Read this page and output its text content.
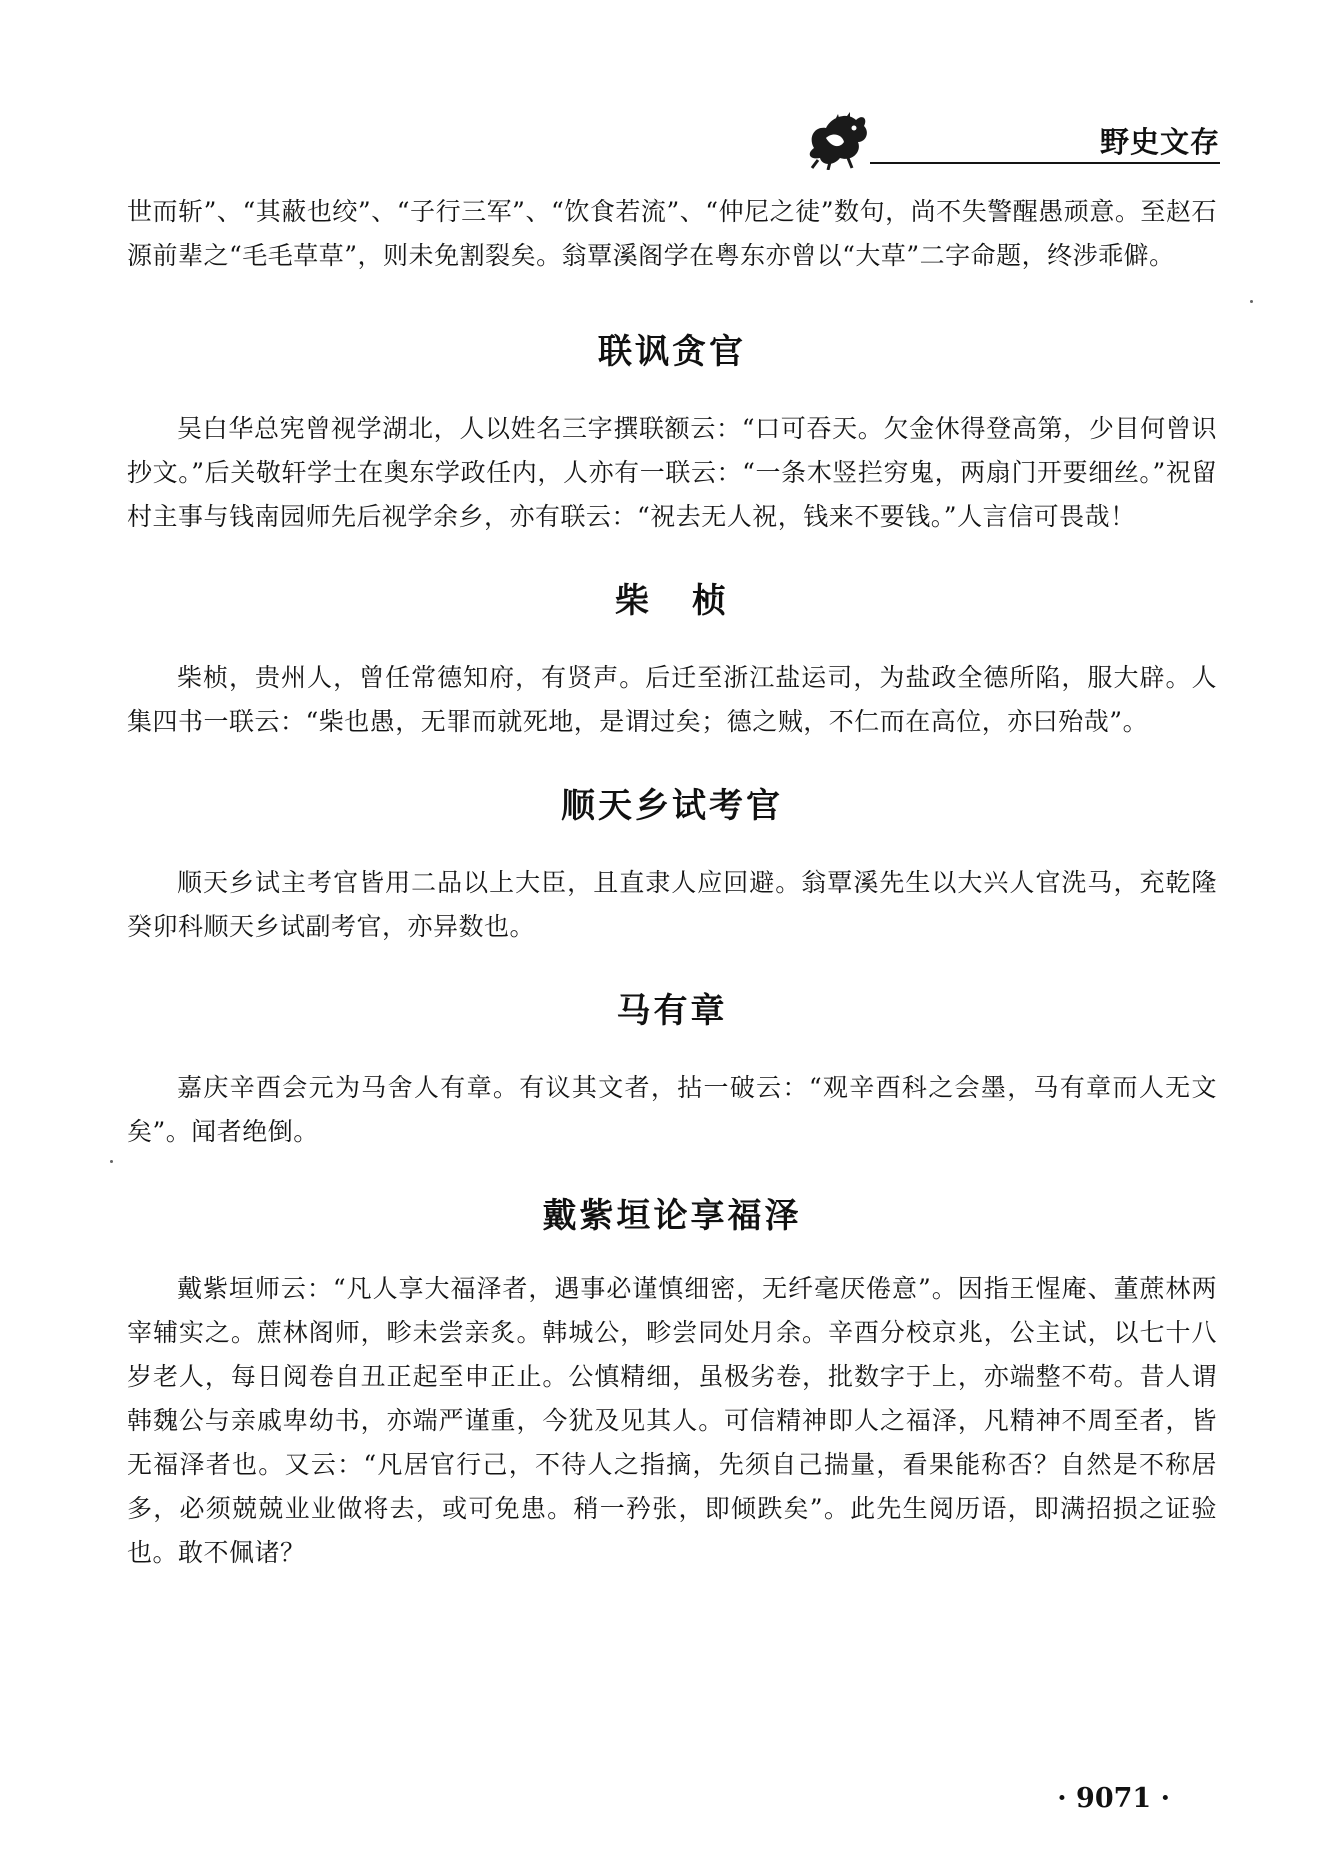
野史文存

世而斩”、“其蔽也绞”、“子行三军”、“饮食若流”、“仲尼之徒”数句，尚不失警醒愚顽意。至赵石源前辈之“毛毛草草”，则未免割裂矣。翁覃溪阁学在粤东亦曾以“大草”二字命题，终涉乖僻。

联讽贪官

吴白华总宪曾视学湖北，人以姓名三字撰联额云：“口可吞天。欠金休得登高第，少目何曾识抄文。”后关敬轩学士在奥东学政任内，人亦有一联云：“一条木竖拦穷鬼，两扇门开要细丝。”祝留村主事与钱南园师先后视学余乡，亦有联云：“祝去无人祝，钱来不要钱。”人言信可畏哉！

柴 桢

柴桢，贵州人，曾任常德知府，有贤声。后迁至浙江盐运司，为盐政全德所陷，服大辟。人集四书一联云：“柴也愚，无罪而就死地，是谓过矣；德之贼，不仁而在高位，亦曰殆哉”。

顺天乡试考官

顺天乡试主考官皆用二品以上大臣，且直隶人应回避。翁覃溪先生以大兴人官洗马，充乾隆癸卯科顺天乡试副考官，亦异数也。

马有章

嘉庆辛酉会元为马舍人有章。有议其文者，拈一破云：“观辛酉科之会墨，马有章而人无文矣”。闻者绝倒。

戴紫垣论享福泽

戴紫垣师云：“凡人享大福泽者，遇事必谨慎细密，无纤毫厌倦意”。因指王惺庵、董蔗林两宰辅实之。蔗林阁师，畛未尝亲炙。韩城公，畛尝同处月余。辛酉分校京兆，公主试，以七十八岁老人，每日阅卷自丑正起至申正止。公慎精细，虽极劣卷，批数字于上，亦端整不苟。昔人谓韩魏公与亲戚卑幼书，亦端严谨重，今犹及见其人。可信精神即人之福泽，凡精神不周至者，皆无福泽者也。又云：“凡居官行己，不待人之指摘，先须自己揣量，看果能称否？自然是不称居多，必须兢兢业业做将去，或可免患。稍一矜张，即倾跌矣”。此先生阅历语，即满招损之证验也。敢不佩诸？

· 9071 ·
